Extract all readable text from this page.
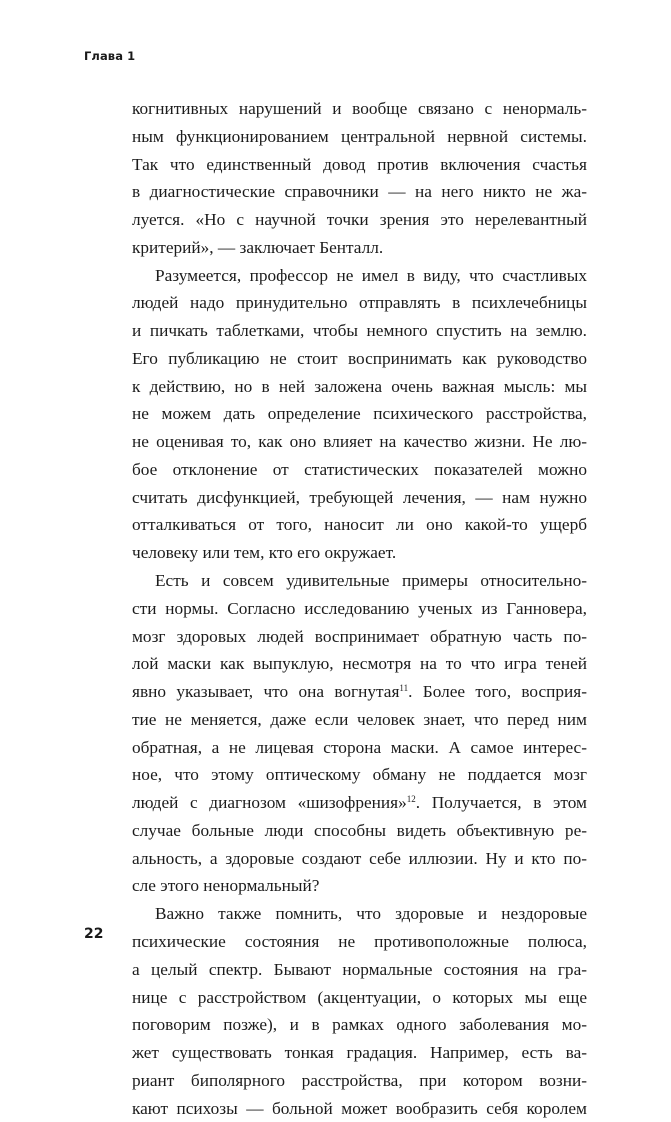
Глава 1
когнитивных нарушений и вообще связано с ненормаль-
ным функционированием центральной нервной системы.
Так что единственный довод против включения счастья
в диагностические справочники — на него никто не жа-
луется. «Но с научной точки зрения это нерелевантный
критерий», — заключает Бенталл.
Разумеется, профессор не имел в виду, что счастливых
людей надо принудительно отправлять в психлечебницы
и пичкать таблетками, чтобы немного спустить на землю.
Его публикацию не стоит воспринимать как руководство
к действию, но в ней заложена очень важная мысль: мы
не можем дать определение психического расстройства,
не оценивая то, как оно влияет на качество жизни. Не лю-
бое отклонение от статистических показателей можно
считать дисфункцией, требующей лечения, — нам нужно
отталкиваться от того, наносит ли оно какой-то ущерб
человеку или тем, кто его окружает.
Есть и совсем удивительные примеры относительно-
сти нормы. Согласно исследованию ученых из Ганновера,
мозг здоровых людей воспринимает обратную часть по-
лой маски как выпуклую, несмотря на то что игра теней
явно указывает, что она вогнутая$^{11}$. Более того, восприя-
тие не меняется, даже если человек знает, что перед ним
обратная, а не лицевая сторона маски. А самое интерес-
ное, что этому оптическому обману не поддается мозг
людей с диагнозом «шизофрения»$^{12}$. Получается, в этом
случае больные люди способны видеть объективную ре-
альность, а здоровые создают себе иллюзии. Ну и кто по-
сле этого ненормальный?
Важно также помнить, что здоровые и нездоровые
психические состояния не противоположные полюса,
а целый спектр. Бывают нормальные состояния на гра-
нице с расстройством (акцентуации, о которых мы еще
поговорим позже), и в рамках одного заболевания мо-
жет существовать тонкая градация. Например, есть ва-
риант биполярного расстройства, при котором возни-
кают психозы — больной может вообразить себя королем
22
